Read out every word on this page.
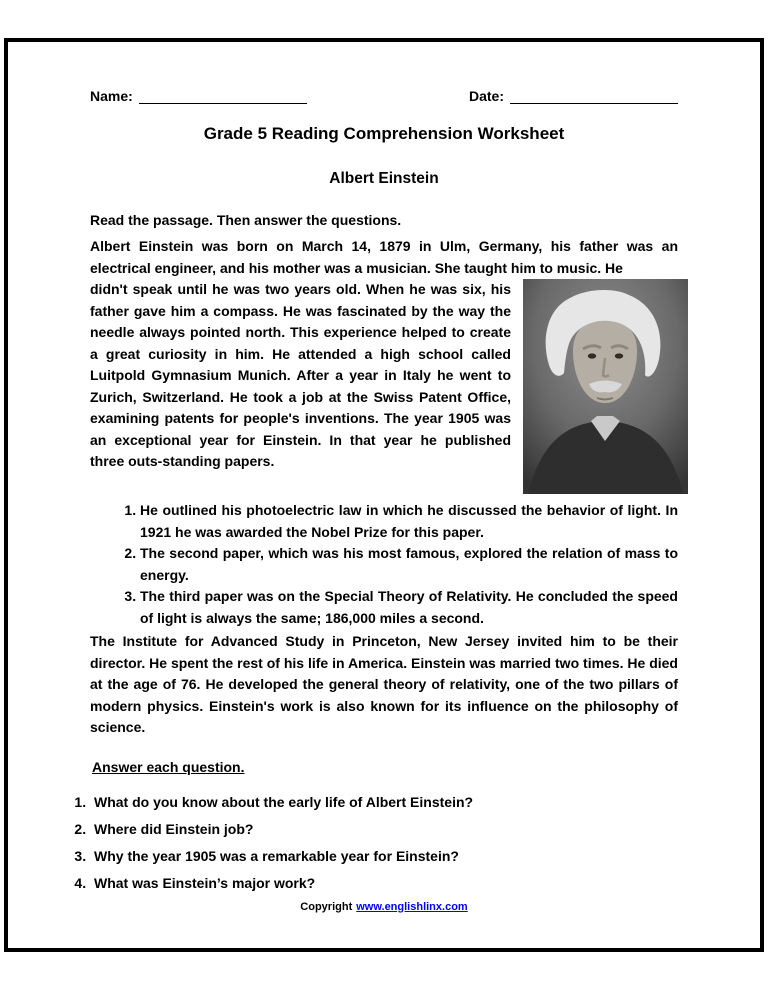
Name:	Date:
Grade 5 Reading Comprehension Worksheet
Albert Einstein

Read the passage. Then answer the questions.

Albert Einstein was born on March 14, 1879 in Ulm, Germany, his father was an electrical engineer, and his mother was a musician. She taught him to music. He

didn't speak until he was two years old. When he was six, his father gave him a compass. He was fascinated by the way the needle always pointed north. This experience helped to create a great curiosity in him. He attended a high school called Luitpold Gymnasium Munich. After a year in Italy he went to Zurich, Switzerland. He took a job at the Swiss Patent Office, examining patents for people's inventions. The year 1905 was an exceptional year for Einstein. In that year he published three outs-standing papers.

1. He outlined his photoelectric law in which he discussed the behavior of light. In 1921 he was awarded the Nobel Prize for this paper.
2. The second paper, which was his most famous, explored the relation of mass to energy.
3. The third paper was on the Special Theory of Relativity. He concluded the speed of light is always the same; 186,000 miles a second.

The Institute for Advanced Study in Princeton, New Jersey invited him to be their director. He spent the rest of his life in America. Einstein was married two times. He died at the age of 76. He developed the general theory of relativity, one of the two pillars of modern physics. Einstein's work is also known for its influence on the philosophy of science.

Answer each question.

1. What do you know about the early life of Albert Einstein?
2. Where did Einstein job?
3. Why the year 1905 was a remarkable year for Einstein?
4. What was Einstein’s major work?
Copyright www.englishlinx.com
